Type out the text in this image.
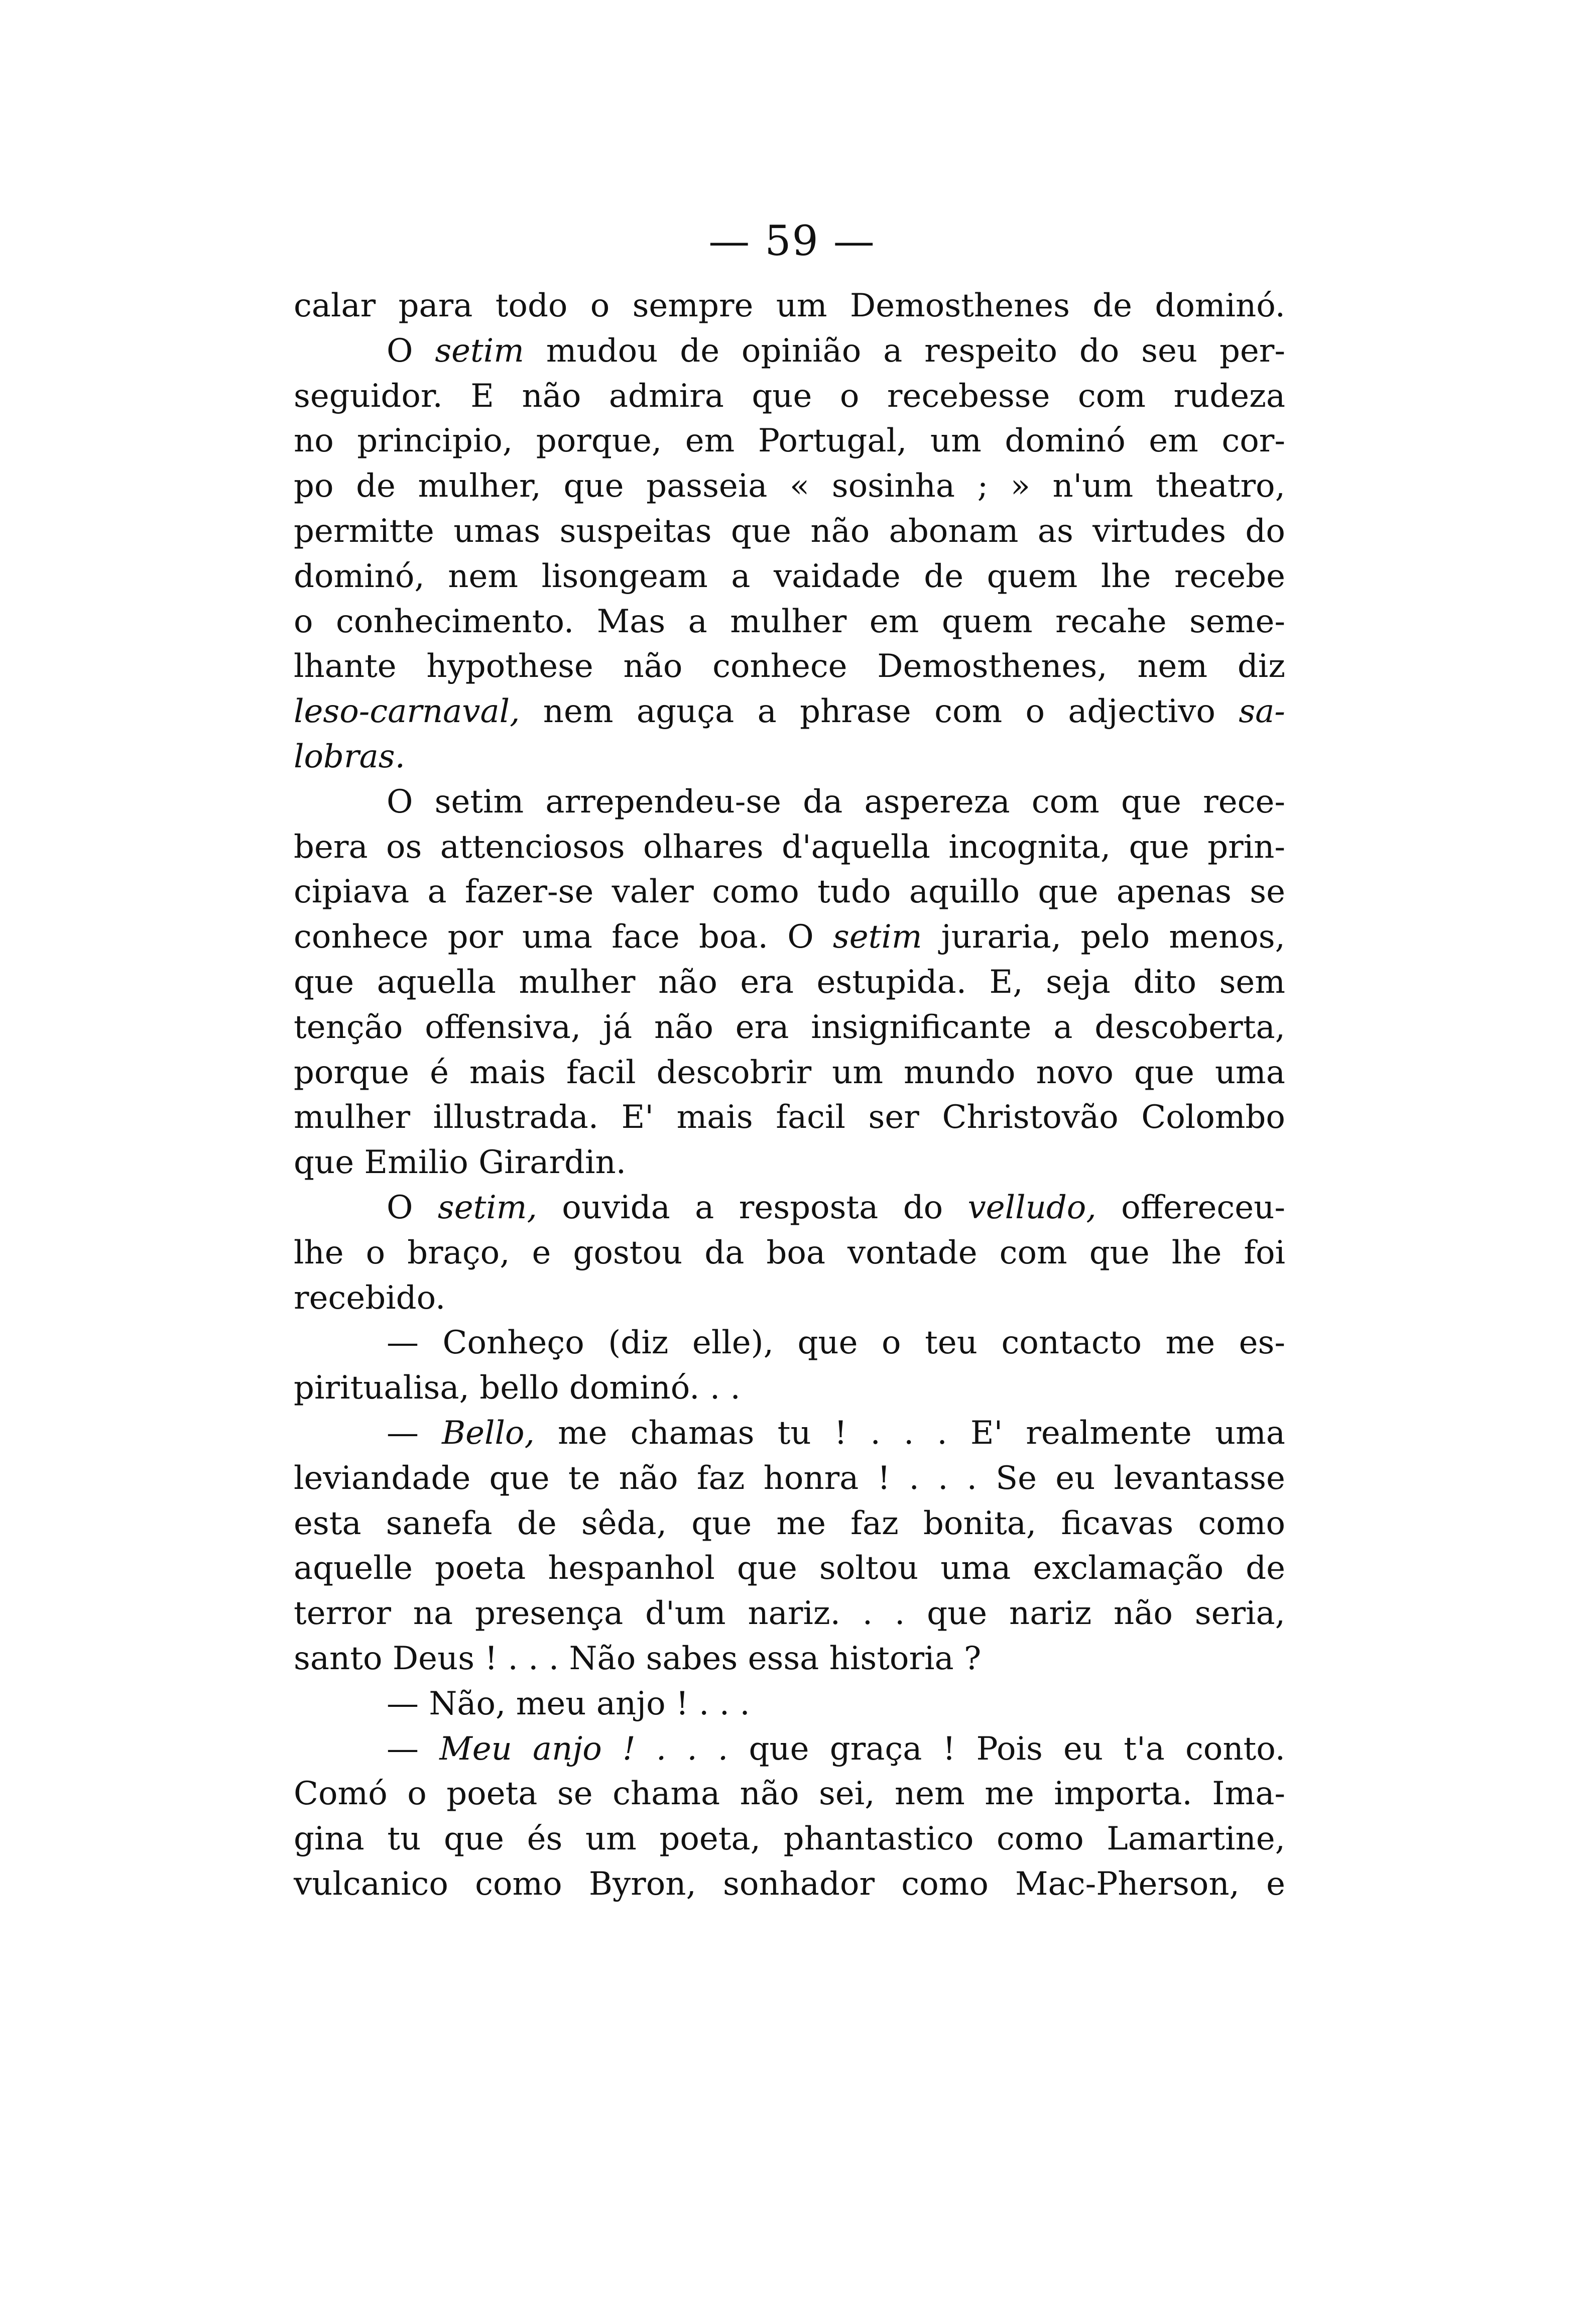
— 59 —
calar para todo o sempre um Demosthenes de dominó.
O setim mudou de opinião a respeito do seu per-
seguidor. E não admira que o recebesse com rudeza
no principio, porque, em Portugal, um dominó em cor-
po de mulher, que passeia « sosinha ; » n'um theatro,
permitte umas suspeitas que não abonam as virtudes do
dominó, nem lisongeam a vaidade de quem lhe recebe
o conhecimento. Mas a mulher em quem recahe seme-
lhante hypothese não conhece Demosthenes, nem diz
leso-carnaval, nem aguça a phrase com o adjectivo sa-
lobras.
O setim arrependeu-se da aspereza com que rece-
bera os attenciosos olhares d'aquella incognita, que prin-
cipiava a fazer-se valer como tudo aquillo que apenas se
conhece por uma face boa. O setim juraria, pelo menos,
que aquella mulher não era estupida. E, seja dito sem
tenção offensiva, já não era insignificante a descoberta,
porque é mais facil descobrir um mundo novo que uma
mulher illustrada. E' mais facil ser Christovão Colombo
que Emilio Girardin.
O setim, ouvida a resposta do velludo, offereceu-
lhe o braço, e gostou da boa vontade com que lhe foi
recebido.
— Conheço (diz elle), que o teu contacto me es-
piritualisa, bello dominó. . .
— Bello, me chamas tu ! . . . E' realmente uma
leviandade que te não faz honra ! . . . Se eu levantasse
esta sanefa de sêda, que me faz bonita, ficavas como
aquelle poeta hespanhol que soltou uma exclamação de
terror na presença d'um nariz. . . que nariz não seria,
santo Deus ! . . . Não sabes essa historia ?
— Não, meu anjo ! . . .
— Meu anjo ! . . . que graça ! Pois eu t'a conto.
Comó o poeta se chama não sei, nem me importa. Ima-
gina tu que és um poeta, phantastico como Lamartine,
vulcanico como Byron, sonhador como Mac-Pherson, e
